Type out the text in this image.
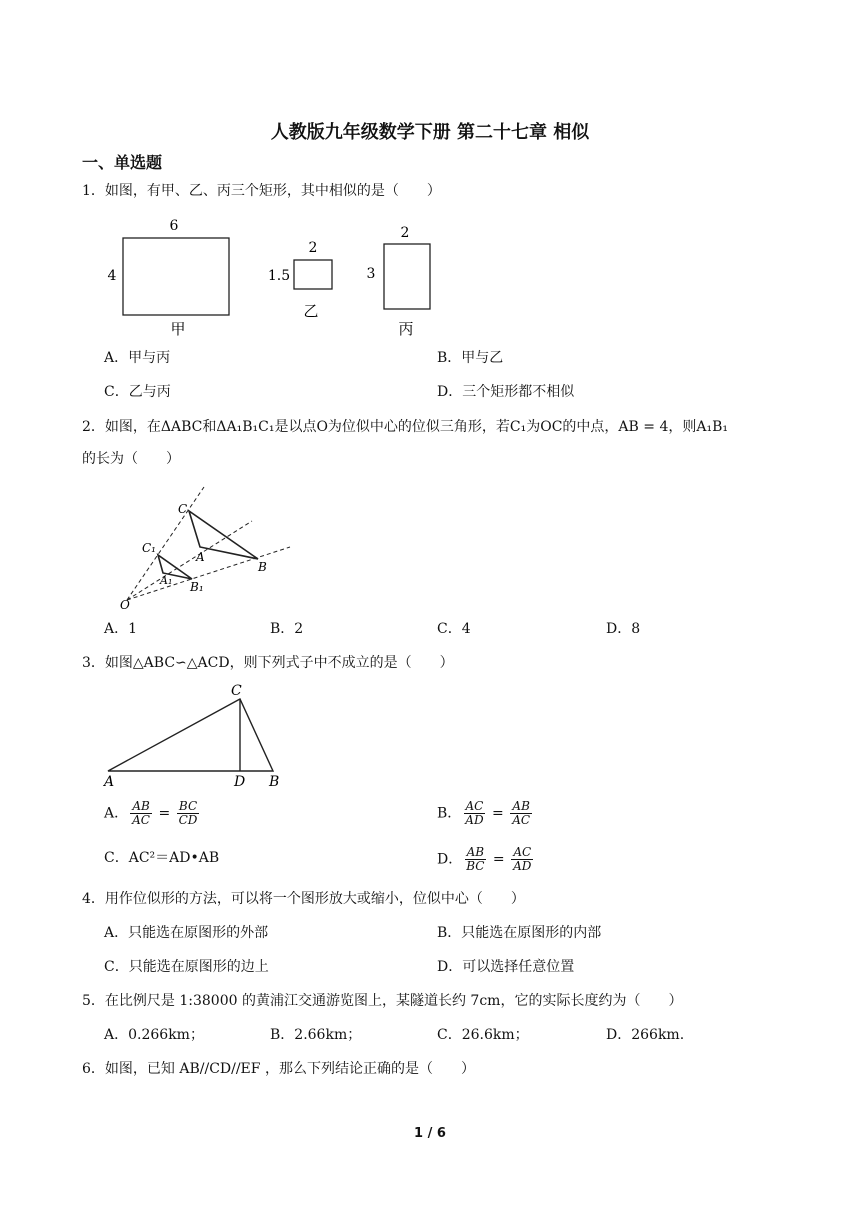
人教版九年级数学下册 第二十七章 相似
一、单选题
1．如图，有甲、乙、丙三个矩形，其中相似的是（　　）
6
4
甲
2
1.5
乙
2
3
丙
A．甲与丙	B．甲与乙
C．乙与丙	D．三个矩形都不相似
2．如图，在ΔABC和ΔA₁B₁C₁是以点O为位似中心的位似三角形，若C₁为OC的中点，AB = 4，则A₁B₁
的长为（　　）
C
A
B
C₁
A₁ B₁
O
A．1	B．2	C．4	D．8
3．如图△ABC∽△ACD，则下列式子中不成立的是（　　）
C
A	D B
A． $\frac{AB}{AC} = \frac{BC}{CD}$	B． $\frac{AC}{AD} = \frac{AB}{AC}$
C．AC²＝AD•AB	D． $\frac{AB}{BC} = \frac{AC}{AD}$
4．用作位似形的方法，可以将一个图形放大或缩小，位似中心（　　）
A．只能选在原图形的外部	B．只能选在原图形的内部
C．只能选在原图形的边上	D．可以选择任意位置
5．在比例尺是 1:38000 的黄浦江交通游览图上，某隧道长约 7cm，它的实际长度约为（　　）
A．0.266km；	B．2.66km；	C．26.6km；	D．266km.
6．如图，已知 AB//CD//EF ，那么下列结论正确的是（　　）
1 / 6
